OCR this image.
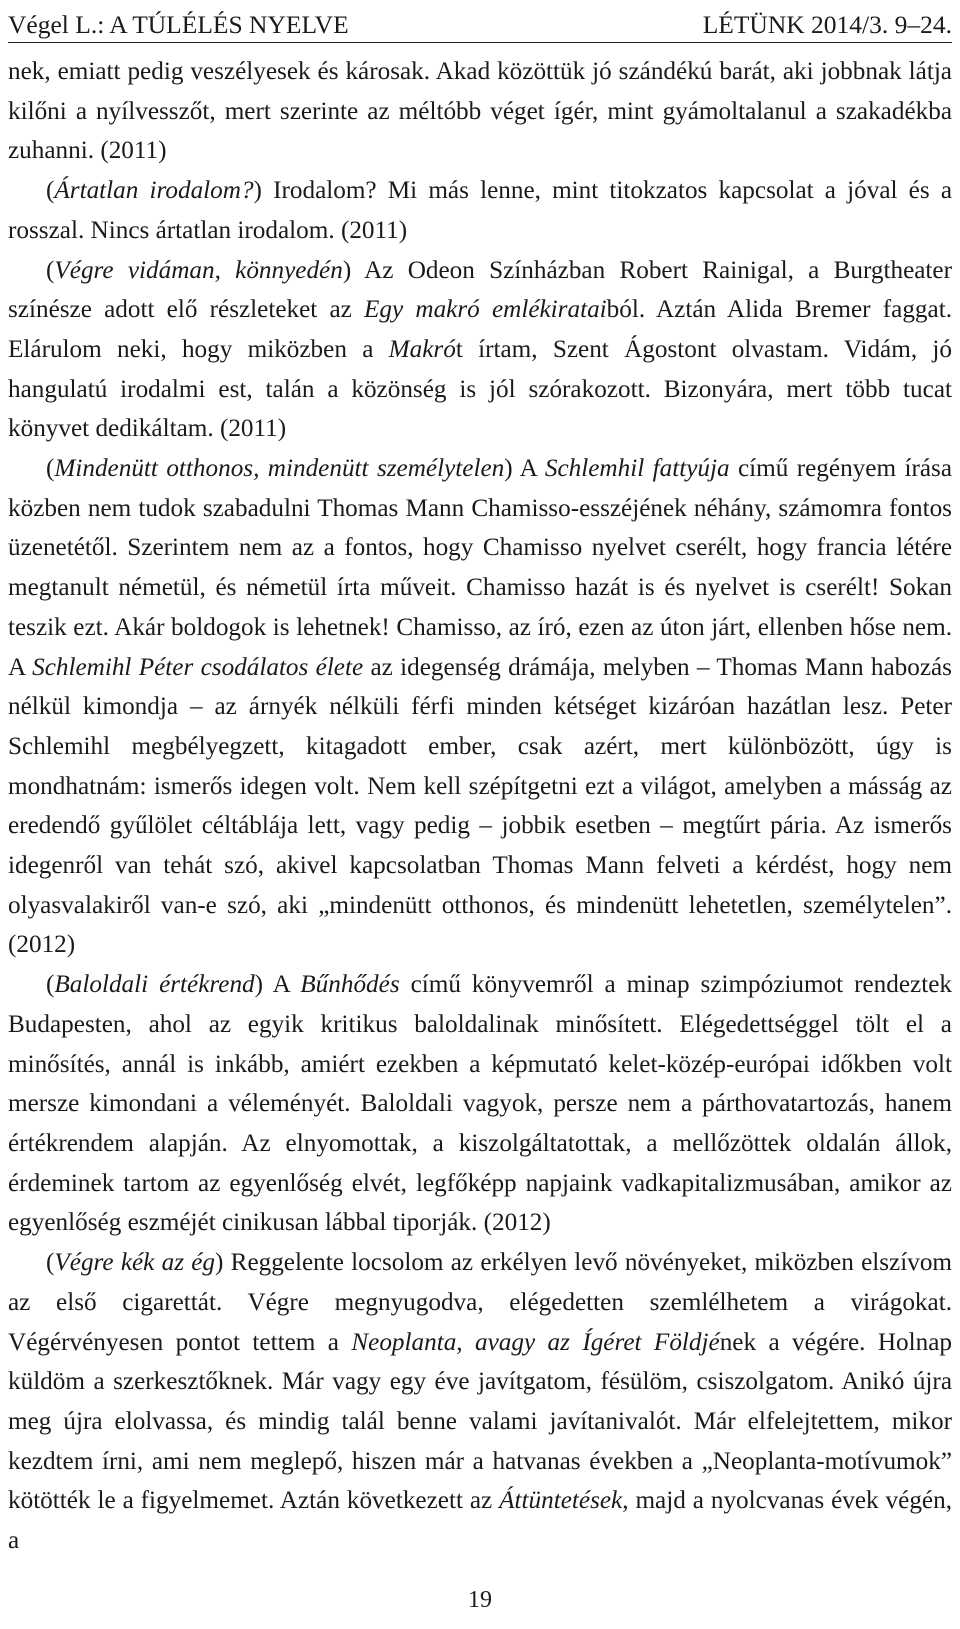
Végel L.: A TÚLÉLÉS NYELVE	LÉTÜNK 2014/3. 9–24.

nek, emiatt pedig veszélyesek és károsak. Akad közöttük jó szándékú barát, aki jobbnak látja kilőni a nyílvesszőt, mert szerinte az méltóbb véget ígér, mint gyámoltalanul a szakadékba zuhanni. (2011)

(Ártatlan irodalom?) Irodalom? Mi más lenne, mint titokzatos kapcsolat a jóval és a rosszal. Nincs ártatlan irodalom. (2011)

(Végre vidáman, könnyedén) Az Odeon Színházban Robert Rainigal, a Burgtheater színésze adott elő részleteket az Egy makró emlékirataiból. Aztán Alida Bremer faggat. Elárulom neki, hogy miközben a Makrót írtam, Szent Ágostont olvastam. Vidám, jó hangulatú irodalmi est, talán a közönség is jól szórakozott. Bizonyára, mert több tucat könyvet dedikáltam. (2011)

(Mindenütt otthonos, mindenütt személytelen) A Schlemhil fattyúja című regényem írása közben nem tudok szabadulni Thomas Mann Chamisso-esszéjének néhány, számomra fontos üzenetétől. Szerintem nem az a fontos, hogy Chamisso nyelvet cserélt, hogy francia létére megtanult németül, és németül írta műveit. Chamisso hazát is és nyelvet is cserélt! Sokan teszik ezt. Akár boldogok is lehetnek! Chamisso, az író, ezen az úton járt, ellenben hőse nem. A Schlemihl Péter csodálatos élete az idegenség drámája, melyben – Thomas Mann habozás nélkül kimondja – az árnyék nélküli férfi minden kétséget kizáróan hazátlan lesz. Peter Schlemihl megbélyegzett, kitagadott ember, csak azért, mert különbözött, úgy is mondhatnám: ismerős idegen volt. Nem kell szépítgetni ezt a világot, amelyben a másság az eredendő gyűlölet céltáblája lett, vagy pedig – jobbik esetben – megtűrt pária. Az ismerős idegenről van tehát szó, akivel kapcsolatban Thomas Mann felveti a kérdést, hogy nem olyasvalakiről van-e szó, aki „mindenütt otthonos, és mindenütt lehetetlen, személytelen”. (2012)

(Baloldali értékrend) A Bűnhődés című könyvemről a minap szimpóziumot rendeztek Budapesten, ahol az egyik kritikus baloldalinak minősített. Elégedettséggel tölt el a minősítés, annál is inkább, amiért ezekben a képmutató kelet-közép-európai időkben volt mersze kimondani a véleményét. Baloldali vagyok, persze nem a párthovatartozás, hanem értékrendem alapján. Az elnyomottak, a kiszolgáltatottak, a mellőzöttek oldalán állok, érdeminek tartom az egyenlőség elvét, legfőképp napjaink vadkapitalizmusában, amikor az egyenlőség eszméjét cinikusan lábbal tiporják. (2012)

(Végre kék az ég) Reggelente locsolom az erkélyen levő növényeket, miközben elszívom az első cigarettát. Végre megnyugodva, elégedetten szemlélhetem a virágokat. Végérvényesen pontot tettem a Neoplanta, avagy az Ígéret Földjének a végére. Holnap küldöm a szerkesztőknek. Már vagy egy éve javítgatom, fésülöm, csiszolgatom. Anikó újra meg újra elolvassa, és mindig talál benne valami javítanivalót. Már elfelejtettem, mikor kezdtem írni, ami nem meglepő, hiszen már a hatvanas években a „Neoplanta-motívumok” kötötték le a figyelmemet. Aztán következett az Áttüntetések, majd a nyolcvanas évek végén, a

19
